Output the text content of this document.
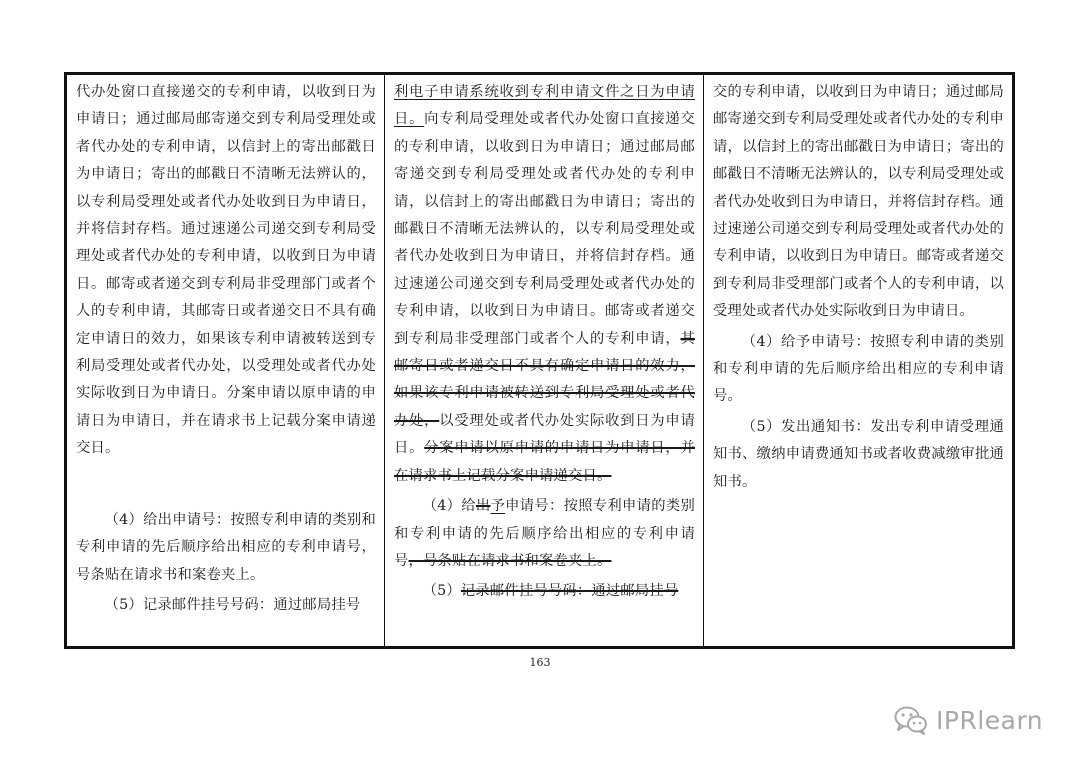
代办处窗口直接递交的专利申请，以收到日为申请日；通过邮局邮寄递交到专利局受理处或者代办处的专利申请，以信封上的寄出邮戳日为申请日；寄出的邮戳日不清晰无法辨认的，以专利局受理处或者代办处收到日为申请日，并将信封存档。通过速递公司递交到专利局受理处或者代办处的专利申请，以收到日为申请日。邮寄或者递交到专利局非受理部门或者个人的专利申请，其邮寄日或者递交日不具有确定申请日的效力，如果该专利申请被转送到专利局受理处或者代办处，以受理处或者代办处实际收到日为申请日。分案申请以原申请的申请日为申请日，并在请求书上记载分案申请递交日。

（4）给出申请号：按照专利申请的类别和专利申请的先后顺序给出相应的专利申请号，号条贴在请求书和案卷夹上。

（5）记录邮件挂号号码：通过邮局挂号

利电子申请系统收到专利申请文件之日为申请日。向专利局受理处或者代办处窗口直接递交的专利申请，以收到日为申请日；通过邮局邮寄递交到专利局受理处或者代办处的专利申请，以信封上的寄出邮戳日为申请日；寄出的邮戳日不清晰无法辨认的，以专利局受理处或者代办处收到日为申请日，并将信封存档。通过速递公司递交到专利局受理处或者代办处的专利申请，以收到日为申请日。邮寄或者递交到专利局非受理部门或者个人的专利申请，其邮寄日或者递交日不具有确定申请日的效力，如果该专利申请被转送到专利局受理处或者代办处，以受理处或者代办处实际收到日为申请日。分案申请以原申请的申请日为申请日，并在请求书上记载分案申请递交日。

（4）给出予申请号：按照专利申请的类别和专利申请的先后顺序给出相应的专利申请号，号条贴在请求书和案卷夹上。

（5）记录邮件挂号号码：通过邮局挂号

交的专利申请，以收到日为申请日；通过邮局邮寄递交到专利局受理处或者代办处的专利申请，以信封上的寄出邮戳日为申请日；寄出的邮戳日不清晰无法辨认的，以专利局受理处或者代办处收到日为申请日，并将信封存档。通过速递公司递交到专利局受理处或者代办处的专利申请，以收到日为申请日。邮寄或者递交到专利局非受理部门或者个人的专利申请，以受理处或者代办处实际收到日为申请日。

（4）给予申请号：按照专利申请的类别和专利申请的先后顺序给出相应的专利申请号。

（5）发出通知书：发出专利申请受理通知书、缴纳申请费通知书或者收费减缴审批通知书。

163
IPRlearn
